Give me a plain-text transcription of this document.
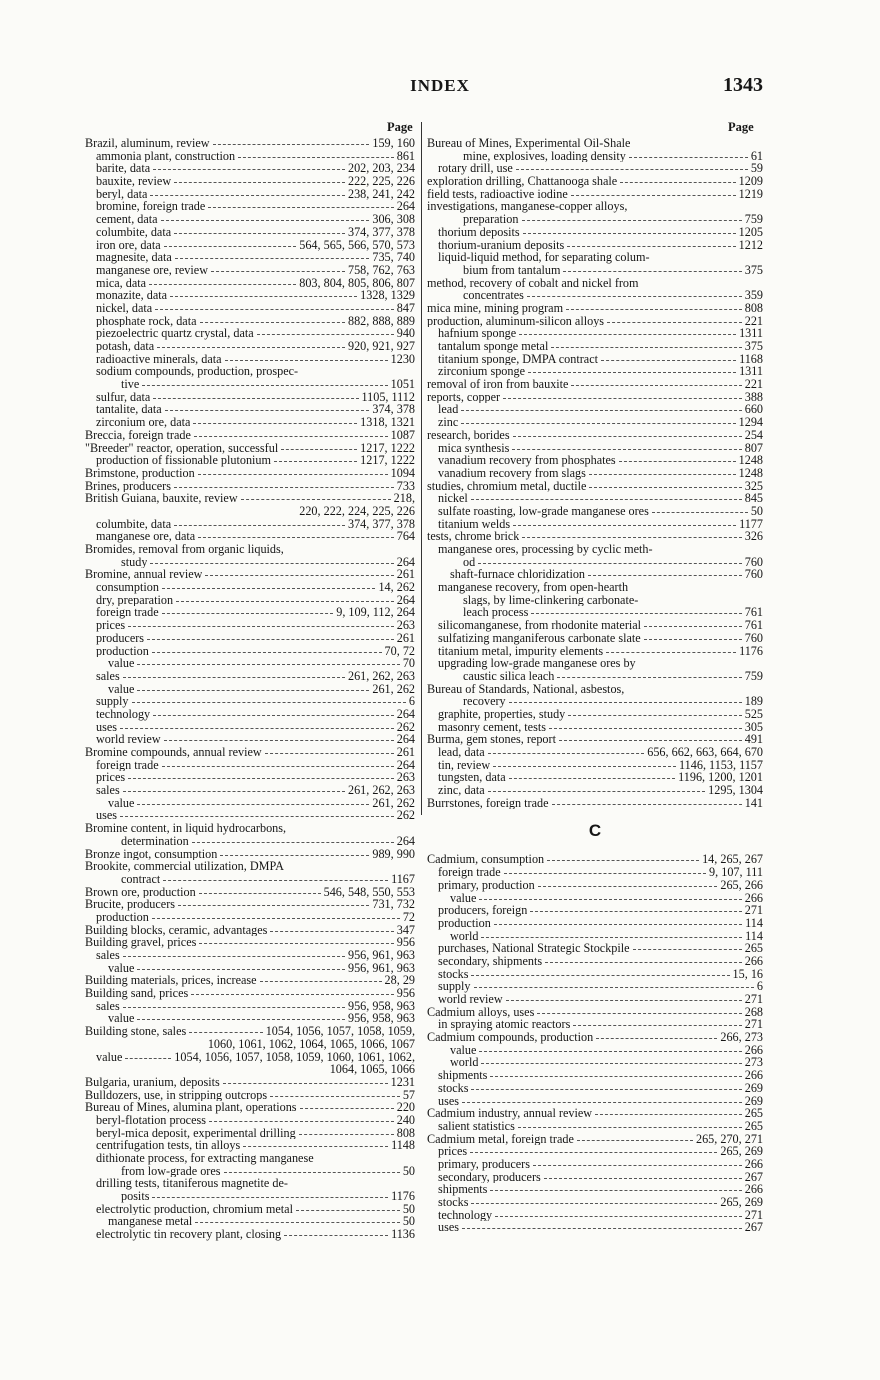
INDEX	1343
Page	Page
Brazil, aluminum, review	159, 160
ammonia plant, construction	861
barite, data	202, 203, 234
bauxite, review	222, 225, 226
beryl, data	238, 241, 242
bromine, foreign trade	264
cement, data	306, 308
columbite, data	374, 377, 378
iron ore, data	564, 565, 566, 570, 573
magnesite, data	735, 740
manganese ore, review	758, 762, 763
mica, data	803, 804, 805, 806, 807
monazite, data	1328, 1329
nickel, data	847
phosphate rock, data	882, 888, 889
piezoelectric quartz crystal, data	940
potash, data	920, 921, 927
radioactive minerals, data	1230
sodium compounds, production, prospec-
tive	1051
sulfur, data	1105, 1112
tantalite, data	374, 378
zirconium ore, data	1318, 1321
Breccia, foreign trade	1087
"Breeder" reactor, operation, successful	1217, 1222
production of fissionable plutonium	1217, 1222
Brimstone, production	1094
Brines, producers	733
British Guiana, bauxite, review	218,
220, 222, 224, 225, 226
columbite, data	374, 377, 378
manganese ore, data	764
Bromides, removal from organic liquids,
study	264
Bromine, annual review	261
consumption	14, 262
dry, preparation	264
foreign trade	9, 109, 112, 264
prices	263
producers	261
production	70, 72
value	70
sales	261, 262, 263
value	261, 262
supply	6
technology	264
uses	262
world review	264
Bromine compounds, annual review	261
foreign trade	264
prices	263
sales	261, 262, 263
value	261, 262
uses	262
Bromine content, in liquid hydrocarbons,
determination	264
Bronze ingot, consumption	989, 990
Brookite, commercial utilization, DMPA
contract	1167
Brown ore, production	546, 548, 550, 553
Brucite, producers	731, 732
production	72
Building blocks, ceramic, advantages	347
Building gravel, prices	956
sales	956, 961, 963
value	956, 961, 963
Building materials, prices, increase	28, 29
Building sand, prices	956
sales	956, 958, 963
value	956, 958, 963
Building stone, sales	1054, 1056, 1057, 1058, 1059,
1060, 1061, 1062, 1064, 1065, 1066, 1067
value	1054, 1056, 1057, 1058, 1059, 1060, 1061, 1062,
1064, 1065, 1066
Bulgaria, uranium, deposits	1231
Bulldozers, use, in stripping outcrops	57
Bureau of Mines, alumina plant, operations	220
beryl-flotation process	240
beryl-mica deposit, experimental drilling	808
centrifugation tests, tin alloys	1148
dithionate process, for extracting manganese
from low-grade ores	50
drilling tests, titaniferous magnetite de-
posits	1176
electrolytic production, chromium metal	50
manganese metal	50
electrolytic tin recovery plant, closing	1136
Bureau of Mines, Experimental Oil-Shale
mine, explosives, loading density	61
rotary drill, use	59
exploration drilling, Chattanooga shale	1209
field tests, radioactive iodine	1219
investigations, manganese-copper alloys,
preparation	759
thorium deposits	1205
thorium-uranium deposits	1212
liquid-liquid method, for separating colum-
bium from tantalum	375
method, recovery of cobalt and nickel from
concentrates	359
mica mine, mining program	808
production, aluminum-silicon alloys	221
hafnium sponge	1311
tantalum sponge metal	375
titanium sponge, DMPA contract	1168
zirconium sponge	1311
removal of iron from bauxite	221
reports, copper	388
lead	660
zinc	1294
research, borides	254
mica synthesis	807
vanadium recovery from phosphates	1248
vanadium recovery from slags	1248
studies, chromium metal, ductile	325
nickel	845
sulfate roasting, low-grade manganese ores	50
titanium welds	1177
tests, chrome brick	326
manganese ores, processing by cyclic meth-
od	760
shaft-furnace chloridization	760
manganese recovery, from open-hearth
slags, by lime-clinkering carbonate-
leach process	761
silicomanganese, from rhodonite material	761
sulfatizing manganiferous carbonate slate	760
titanium metal, impurity elements	1176
upgrading low-grade manganese ores by
caustic silica leach	759
Bureau of Standards, National, asbestos,
recovery	189
graphite, properties, study	525
masonry cement, tests	305
Burma, gem stones, report	491
lead, data	656, 662, 663, 664, 670
tin, review	1146, 1153, 1157
tungsten, data	1196, 1200, 1201
zinc, data	1295, 1304
Burrstones, foreign trade	141
C
Cadmium, consumption	14, 265, 267
foreign trade	9, 107, 111
primary, production	265, 266
value	266
producers, foreign	271
production	114
world	114
purchases, National Strategic Stockpile	265
secondary, shipments	266
stocks	15, 16
supply	6
world review	271
Cadmium alloys, uses	268
in spraying atomic reactors	271
Cadmium compounds, production	266, 273
value	266
world	273
shipments	266
stocks	269
uses	269
Cadmium industry, annual review	265
salient statistics	265
Cadmium metal, foreign trade	265, 270, 271
prices	265, 269
primary, producers	266
secondary, producers	267
shipments	266
stocks	265, 269
technology	271
uses	267
